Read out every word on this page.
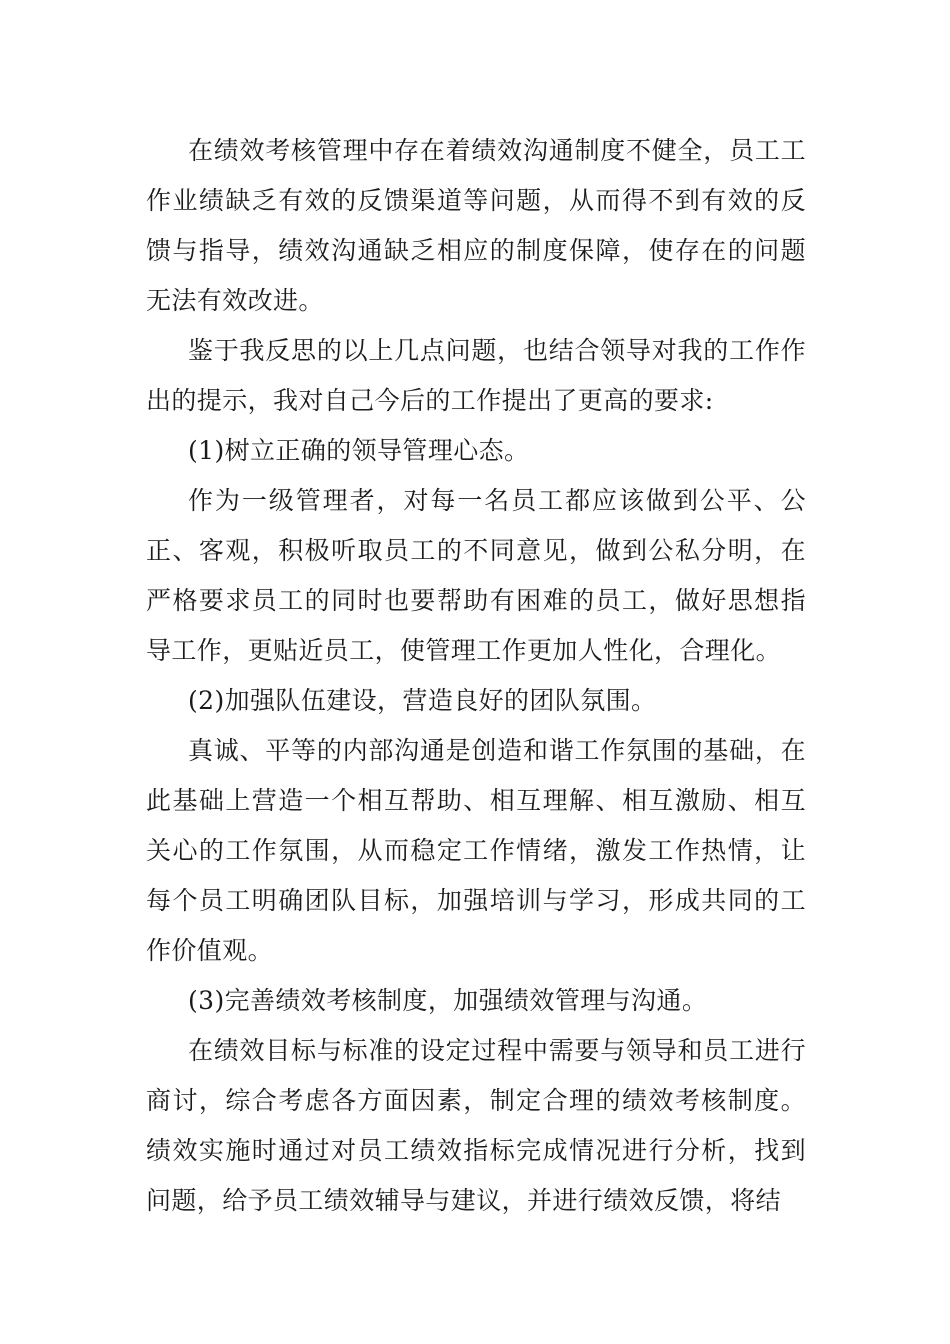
在绩效考核管理中存在着绩效沟通制度不健全，员工工作业绩缺乏有效的反馈渠道等问题，从而得不到有效的反馈与指导，绩效沟通缺乏相应的制度保障，使存在的问题无法有效改进。

鉴于我反思的以上几点问题，也结合领导对我的工作作出的提示，我对自己今后的工作提出了更高的要求:

(1)树立正确的领导管理心态。

作为一级管理者，对每一名员工都应该做到公平、公正、客观，积极听取员工的不同意见，做到公私分明，在严格要求员工的同时也要帮助有困难的员工，做好思想指导工作，更贴近员工，使管理工作更加人性化，合理化。

(2)加强队伍建设，营造良好的团队氛围。

真诚、平等的内部沟通是创造和谐工作氛围的基础，在此基础上营造一个相互帮助、相互理解、相互激励、相互关心的工作氛围，从而稳定工作情绪，激发工作热情，让每个员工明确团队目标，加强培训与学习，形成共同的工作价值观。

(3)完善绩效考核制度，加强绩效管理与沟通。

在绩效目标与标准的设定过程中需要与领导和员工进行商讨，综合考虑各方面因素，制定合理的绩效考核制度。绩效实施时通过对员工绩效指标完成情况进行分析，找到问题，给予员工绩效辅导与建议，并进行绩效反馈，将结
